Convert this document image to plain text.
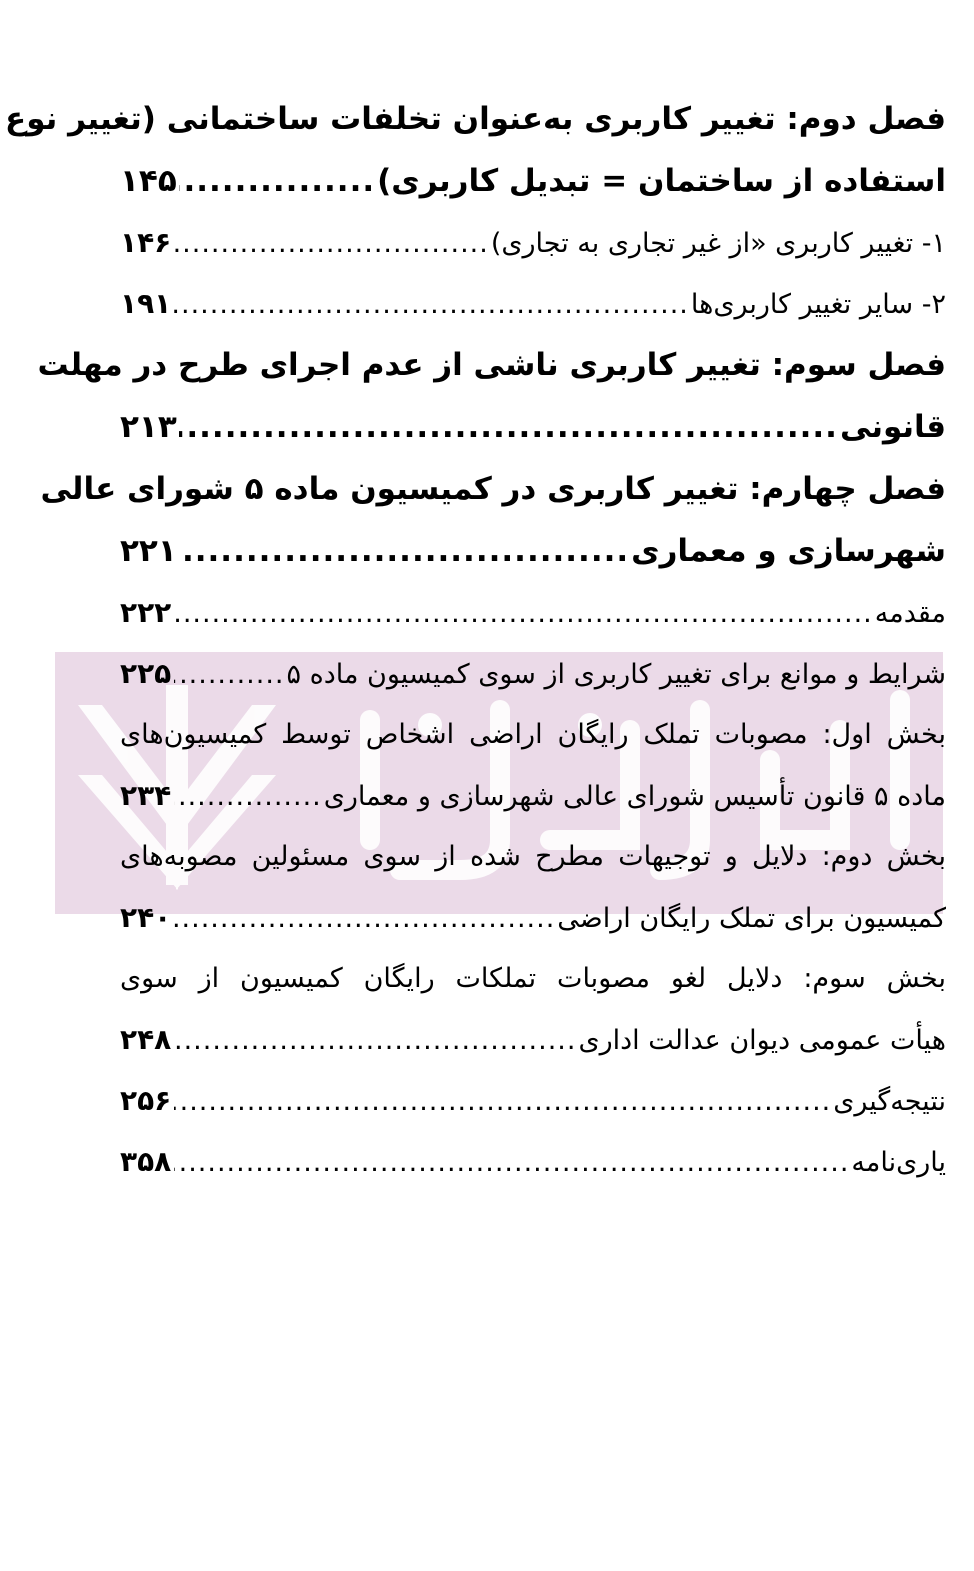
فصل دوم: تغییر کاربری به‌عنوان تخلفات ساختمانی (تغییر نوع
استفاده از ساختمان = تبدیل کاربری)
.....
۱۴۵
۱- تغییر کاربری «از غیر تجاری به تجاری)
.....
۱۴۶
۲- سایر تغییر کاربری‌ها
.....
۱۹۱
فصل سوم: تغییر کاربری ناشی از عدم اجرای طرح در مهلت
قانونی
.....
۲۱۳
فصل چهارم: تغییر کاربری در کمیسیون ماده ۵ شورای عالی
شهرسازی و معماری
.....
۲۲۱
مقدمه
.....
۲۲۲
شرایط و موانع برای تغییر کاربری از سوی کمیسیون ماده ۵
.....
۲۲۵
بخش اول: مصوبات تملک رایگان اراضی اشخاص توسط کمیسیون‌های
ماده ۵ قانون تأسیس شورای عالی شهرسازی و معماری
.....
۲۳۴
بخش دوم: دلایل و توجیهات مطرح شده از سوی مسئولین مصوبه‌های
کمیسیون برای تملک رایگان اراضی
.....
۲۴۰
بخش سوم: دلایل لغو مصوبات تملکات رایگان کمیسیون از سوی
هیأت عمومی دیوان عدالت اداری
.....
۲۴۸
نتیجه‌گیری
.....
۲۵۶
یاری‌نامه
.....
۳۵۸
